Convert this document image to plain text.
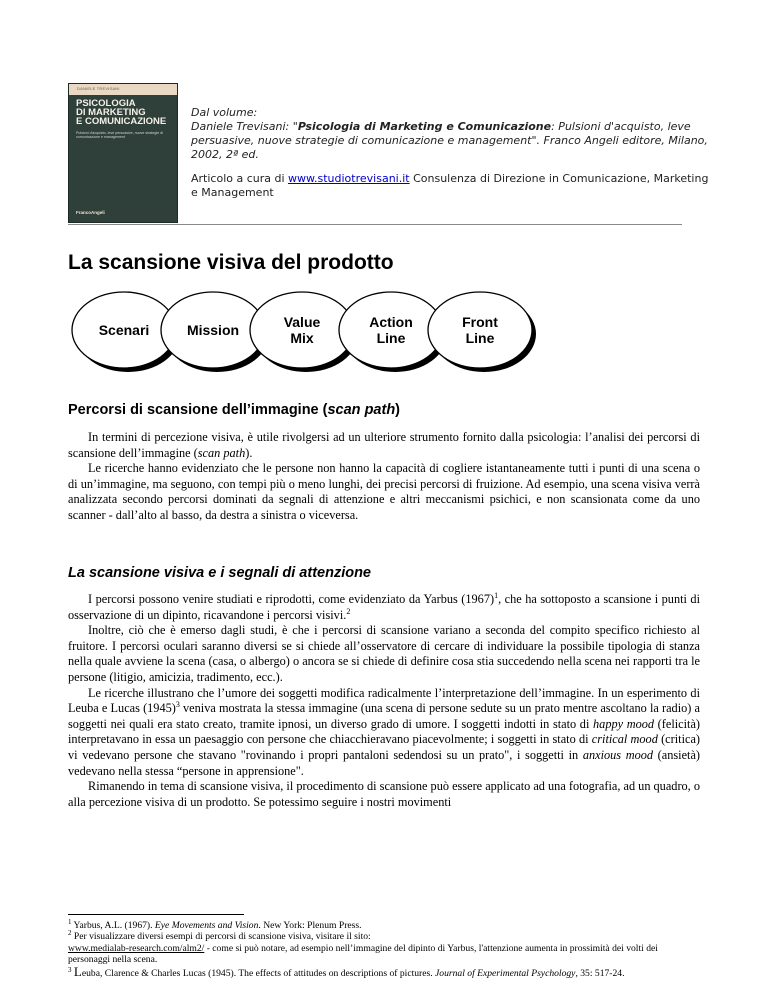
DANIELE TREVISANI
PSICOLOGIA
DI MARKETING
E COMUNICAZIONE
Pulsioni d'acquisto, leve persuasive, nuove strategie di comunicazione e management
FrancoAngeli

Dal volume:

Daniele Trevisani: "Psicologia di Marketing e Comunicazione: Pulsioni d'acquisto, leve persuasive, nuove strategie di comunicazione e management". Franco Angeli editore, Milano, 2002, 2ª ed.

Articolo a cura di www.studiotrevisani.it Consulenza di Direzione in Comunicazione, Marketing e Management

La scansione visiva del prodotto
Scenari	Mission	Value
Mix
Action
Line
Front
Line
Percorsi di scansione dell’immagine (scan path)

In termini di percezione visiva, è utile rivolgersi ad un ulteriore strumento fornito dalla psicologia: l’analisi dei percorsi di scansione dell’immagine (scan path).

Le ricerche hanno evidenziato che le persone non hanno la capacità di cogliere istantaneamente tutti i punti di una scena o di un’immagine, ma seguono, con tempi più o meno lunghi, dei precisi percorsi di fruizione. Ad esempio, una scena visiva verrà analizzata secondo percorsi dominati da segnali di attenzione e altri meccanismi psichici, e non scansionata come da uno scanner - dall’alto al basso, da destra a sinistra o viceversa.

La scansione visiva e i segnali di attenzione

I percorsi possono venire studiati e riprodotti, come evidenziato da Yarbus $(1967)^1$, che ha sottoposto a scansione i punti di osservazione di un dipinto, ricavandone i percorsi visivi.$^2$

Inoltre, ciò che è emerso dagli studi, è che i percorsi di scansione variano a seconda del compito specifico richiesto al fruitore. I percorsi oculari saranno diversi se si chiede all’osservatore di cercare di individuare la possibile tipologia di stanza nella quale avviene la scena (casa, o albergo) o ancora se si chiede di definire cosa stia succedendo nella scena nei rapporti tra le persone (litigio, amicizia, tradimento, ecc.).

Le ricerche illustrano che l’umore dei soggetti modifica radicalmente l’interpretazione dell’immagine. In un esperimento di Leuba e Lucas $(1945)^3$ veniva mostrata la stessa immagine (una scena di persone sedute su un prato mentre ascoltano la radio) a soggetti nei quali era stato creato, tramite ipnosi, un diverso grado di umore. I soggetti indotti in stato di happy mood (felicità) interpretavano in essa un paesaggio con persone che chiacchieravano piacevolmente; i soggetti in stato di critical mood (critica) vi vedevano persone che stavano "rovinando i propri pantaloni sedendosi su un prato", i soggetti in anxious mood (ansietà) vedevano nella stessa “persone in apprensione".

Rimanendo in tema di scansione visiva, il procedimento di scansione può essere applicato ad una fotografia, ad un quadro, o alla percezione visiva di un prodotto. Se potessimo seguire i nostri movimenti

$^1$ Yarbus, A.L. (1967). Eye Movements and Vision. New York: Plenum Press.

$^2$ Per visualizzare diversi esempi di percorsi di scansione visiva, visitare il sito:
www.medialab-research.com/alm2/ - come si può notare, ad esempio nell’immagine del dipinto di Yarbus, l'attenzione aumenta in prossimità dei volti dei personaggi nella scena.

$^3$ Leuba, Clarence & Charles Lucas (1945). The effects of attitudes on descriptions of pictures. Journal of Experimental Psychology, 35: 517-24.
